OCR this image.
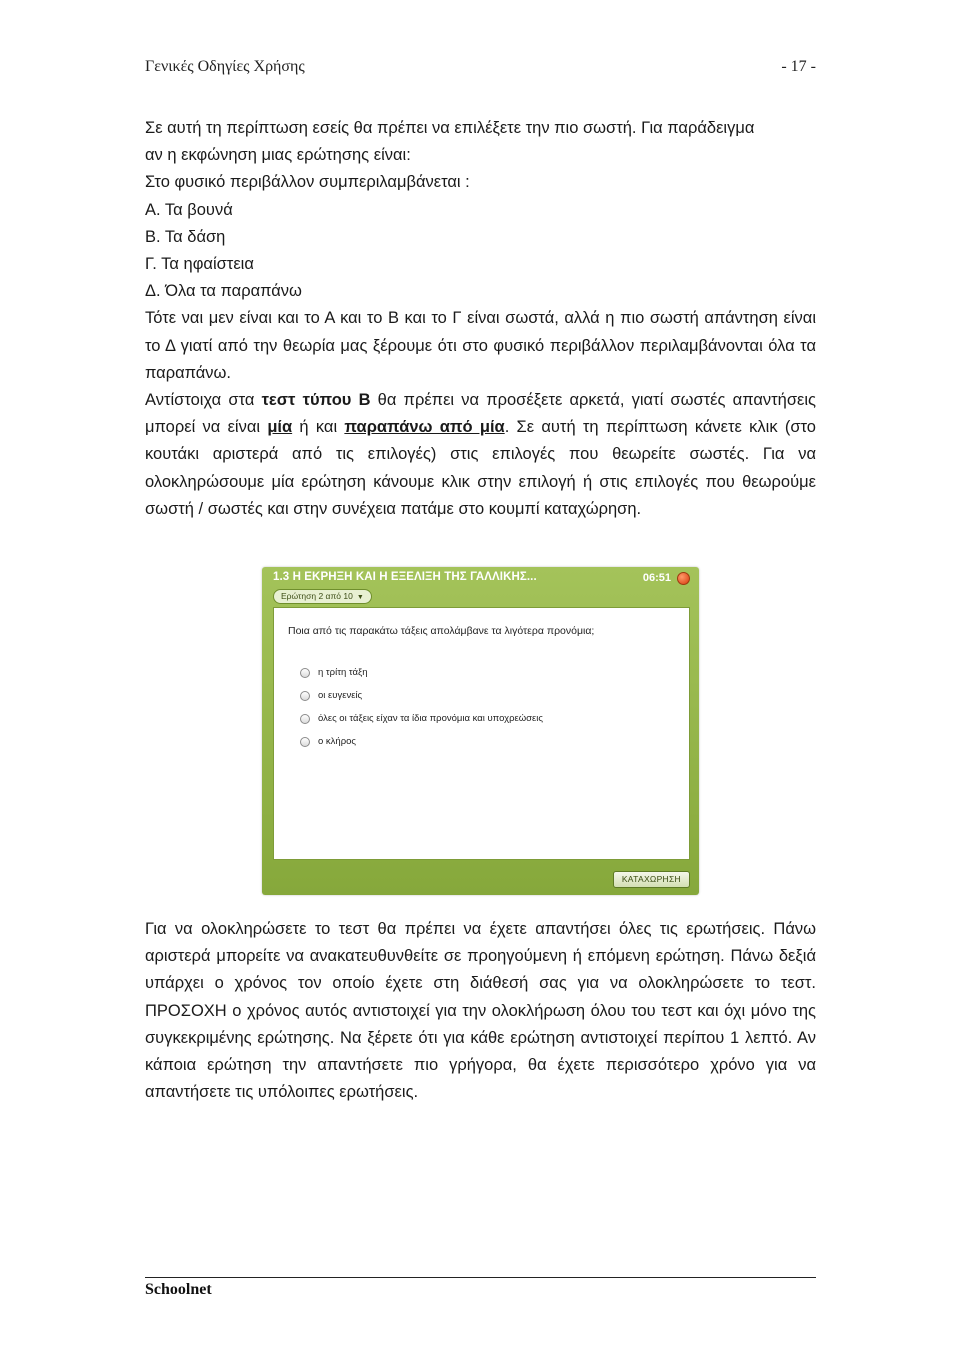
Γενικές Οδηγίες Χρήσης	- 17 -

Σε αυτή τη περίπτωση εσείς θα πρέπει να επιλέξετε την πιο σωστή. Για παράδειγμα

αν η εκφώνηση μιας ερώτησης είναι:

Στο φυσικό περιβάλλον συμπεριλαμβάνεται :

Α. Τα βουνά

Β. Τα δάση

Γ. Τα ηφαίστεια

Δ. Όλα τα παραπάνω

Τότε ναι μεν είναι και το Α και το Β και το Γ είναι σωστά, αλλά η πιο σωστή απάντηση είναι το Δ γιατί από την θεωρία μας ξέρουμε ότι στο φυσικό περιβάλλον περιλαμβάνονται όλα τα παραπάνω.

Αντίστοιχα στα τεστ τύπου Β θα πρέπει να προσέξετε αρκετά, γιατί σωστές απαντήσεις μπορεί να είναι μία ή και παραπάνω από μία. Σε αυτή τη περίπτωση κάνετε κλικ (στο κουτάκι αριστερά από τις επιλογές) στις επιλογές που θεωρείτε σωστές. Για να ολοκληρώσουμε μία ερώτηση κάνουμε κλικ στην επιλογή ή στις επιλογές που θεωρούμε σωστή / σωστές και στην συνέχεια πατάμε στο κουμπί καταχώρηση.

1.3 Η ΕΚΡΗΞΗ ΚΑΙ Η ΕΞΕΛΙΞΗ ΤΗΣ ΓΑΛΛΙΚΗΣ...	06:51
Ερώτηση 2 από 10 ▼
Ποια από τις παρακάτω τάξεις απολάμβανε τα λιγότερα προνόμια;
η τρίτη τάξη
οι ευγενείς
όλες οι τάξεις είχαν τα ίδια προνόμια και υποχρεώσεις
ο κλήρος
ΚΑΤΑΧΩΡΗΣΗ

Για να ολοκληρώσετε το τεστ θα πρέπει να έχετε απαντήσει όλες τις ερωτήσεις. Πάνω αριστερά μπορείτε να ανακατευθυνθείτε σε προηγούμενη ή επόμενη ερώτηση. Πάνω δεξιά υπάρχει ο χρόνος τον οποίο έχετε στη διάθεσή σας για να ολοκληρώσετε το τεστ. ΠΡΟΣΟΧΗ ο χρόνος αυτός αντιστοιχεί για την ολοκλήρωση όλου του τεστ και όχι μόνο της συγκεκριμένης ερώτησης. Να ξέρετε ότι για κάθε ερώτηση αντιστοιχεί περίπου 1 λεπτό. Αν κάποια ερώτηση την απαντήσετε πιο γρήγορα, θα έχετε περισσότερο χρόνο για να απαντήσετε τις υπόλοιπες ερωτήσεις.

Schoolnet
